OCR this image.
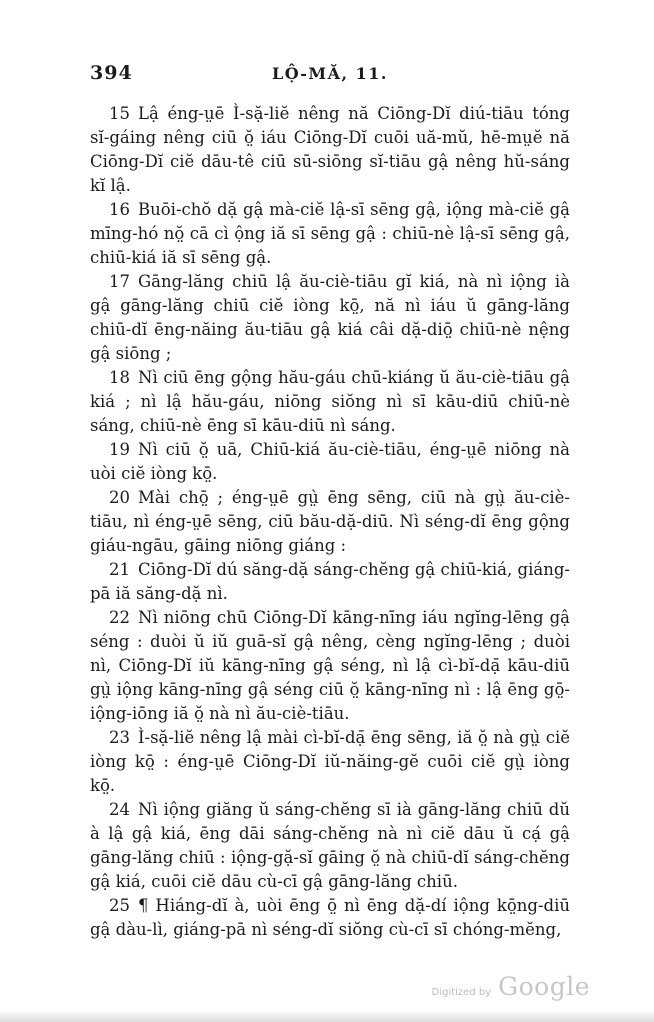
394	LỘ-MĂ, 11.

15 Lậ éng-ṳē Ì-sặ-liĕ nêng nă Ciōng-Dĭ diú-tiāu tóng sĭ-gáing nêng ciū ŏ̤ iáu Ciōng-Dĭ cuōi uă-mŭ, hē-mṳĕ nă Ciōng-Dĭ ciĕ dāu-tê ciū sū-siōng sĭ-tiāu gậ nêng hŭ-sáng kĭ lậ.

16 Buōi-chŏ dặ gậ mà-ciĕ lậ-sī sēng gậ, iộng mà-ciĕ gậ mīng-hó nŏ̤ cā cì ộng iă sī sēng gậ : chiū-nè lậ-sī sēng gậ, chiū-kiá iă sī sēng gậ.

17 Gāng-lăng chiū lậ ău-ciè-tiāu gĭ kiá, nà nì iộng ià gậ gāng-lăng chiū ciĕ iòng kō̤, nă nì iáu ŭ gāng-lăng chiū-dĭ ēng-năing ău-tiāu gậ kiá câi dặ-diō̤ chiū-nè nệng gậ siōng ;

18 Nì ciū ēng gộng hău-gáu chū-kiáng ŭ ău-ciè-tiāu gậ kiá ; nì lậ hău-gáu, niōng siŏng nì sī kāu-diū chiū-nè sáng, chiū-nè ēng sī kāu-diū nì sáng.

19 Nì ciū ŏ̤ uā, Chiū-kiá ău-ciè-tiāu, éng-ṳē niōng nà uòi ciĕ iòng kō̤.

20 Mài chō̤ ; éng-ṳē gṳ̀ ēng sēng, ciū nà gṳ̀ ău-ciè-tiāu, nì éng-ṳē sēng, ciū bău-dặ-diū. Nì séng-dĭ ēng gộng giáu-ngāu, gāing niōng giáng :

21 Ciōng-Dĭ dú săng-dặ sáng-chĕng gậ chiū-kiá, giáng-pā iă săng-dặ nì.

22 Nì niōng chū Ciōng-Dĭ kāng-nīng iáu ngĭng-lēng gậ séng : duòi ŭ iŭ guā-sĭ gậ nêng, cèng ngĭng-lēng ; duòi nì, Ciōng-Dĭ iŭ kāng-nīng gậ séng, nì lậ cì-bĭ-dạ̄ kāu-diū gṳ̀ iộng kāng-nīng gậ séng ciū ŏ̤ kāng-nīng nì : lậ ēng gō̤-iộng-iōng iă ŏ̤ nà nì ău-ciè-tiāu.

23 Ì-sặ-liĕ nêng lậ mài cì-bĭ-dạ̄ ēng sēng, iă ŏ̤ nà gṳ̀ ciĕ iòng kō̤ : éng-ṳē Ciōng-Dĭ iŭ-năing-gĕ cuōi ciĕ gṳ̀ iòng kō̤.

24 Nì iộng giăng ŭ sáng-chĕng sī ià gāng-lăng chiū dŭ à lậ gậ kiá, ēng dāi sáng-chĕng nà nì ciĕ dāu ŭ cạ́ gậ gāng-lăng chiū : iộng-gặ-sĭ gāing ŏ̤ nà chiū-dĭ sáng-chĕng gậ kiá, cuōi ciĕ dāu cù-cī gậ gāng-lăng chiū.

25 ¶ Hiáng-dĭ à, uòi ēng ō̤ nì ēng dặ-dí iộng kō̤ng-diū gậ dàu-lì, giáng-pā nì séng-dĭ siŏng cù-cī sī chóng-mĕng,

Digitized by Google
